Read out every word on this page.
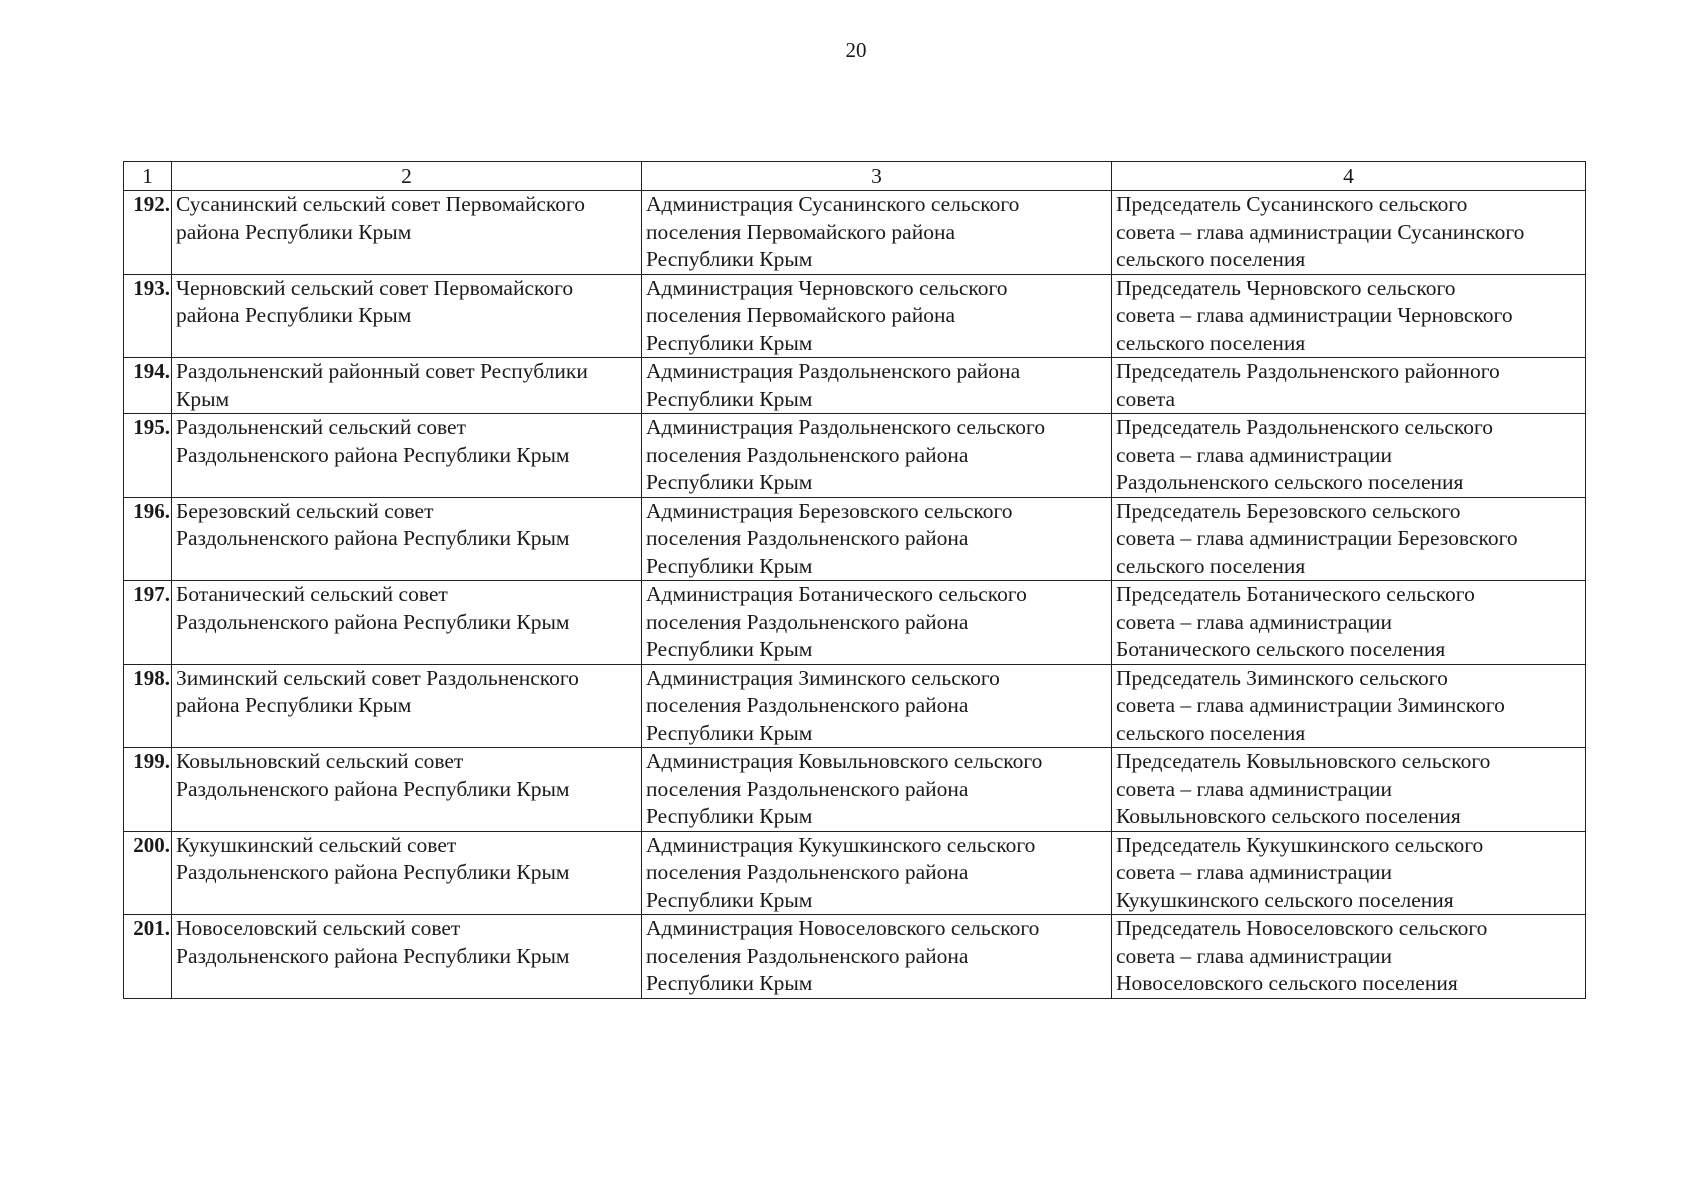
20
1	2	3	4
192.	Сусанинский сельский совет Первомайского
района Республики Крым	Администрация Сусанинского сельского
поселения Первомайского района
Республики Крым	Председатель Сусанинского сельского
совета – глава администрации Сусанинского
сельского поселения
193.	Черновский сельский совет Первомайского
района Республики Крым	Администрация Черновского сельского
поселения Первомайского района
Республики Крым	Председатель Черновского сельского
совета – глава администрации Черновского
сельского поселения
194.	Раздольненский районный совет Республики
Крым	Администрация Раздольненского района
Республики Крым	Председатель Раздольненского районного
совета
195.	Раздольненский сельский совет
Раздольненского района Республики Крым	Администрация Раздольненского сельского
поселения Раздольненского района
Республики Крым	Председатель Раздольненского сельского
совета – глава администрации
Раздольненского сельского поселения
196.	Березовский сельский совет
Раздольненского района Республики Крым	Администрация Березовского сельского
поселения Раздольненского района
Республики Крым	Председатель Березовского сельского
совета – глава администрации Березовского
сельского поселения
197.	Ботанический сельский совет
Раздольненского района Республики Крым	Администрация Ботанического сельского
поселения Раздольненского района
Республики Крым	Председатель Ботанического сельского
совета – глава администрации
Ботанического сельского поселения
198.	Зиминский сельский совет Раздольненского
района Республики Крым	Администрация Зиминского сельского
поселения Раздольненского района
Республики Крым	Председатель Зиминского сельского
совета – глава администрации Зиминского
сельского поселения
199.	Ковыльновский сельский совет
Раздольненского района Республики Крым	Администрация Ковыльновского сельского
поселения Раздольненского района
Республики Крым	Председатель Ковыльновского сельского
совета – глава администрации
Ковыльновского сельского поселения
200.	Кукушкинский сельский совет
Раздольненского района Республики Крым	Администрация Кукушкинского сельского
поселения Раздольненского района
Республики Крым	Председатель Кукушкинского сельского
совета – глава администрации
Кукушкинского сельского поселения
201.	Новоселовский сельский совет
Раздольненского района Республики Крым	Администрация Новоселовского сельского
поселения Раздольненского района
Республики Крым	Председатель Новоселовского сельского
совета – глава администрации
Новоселовского сельского поселения
